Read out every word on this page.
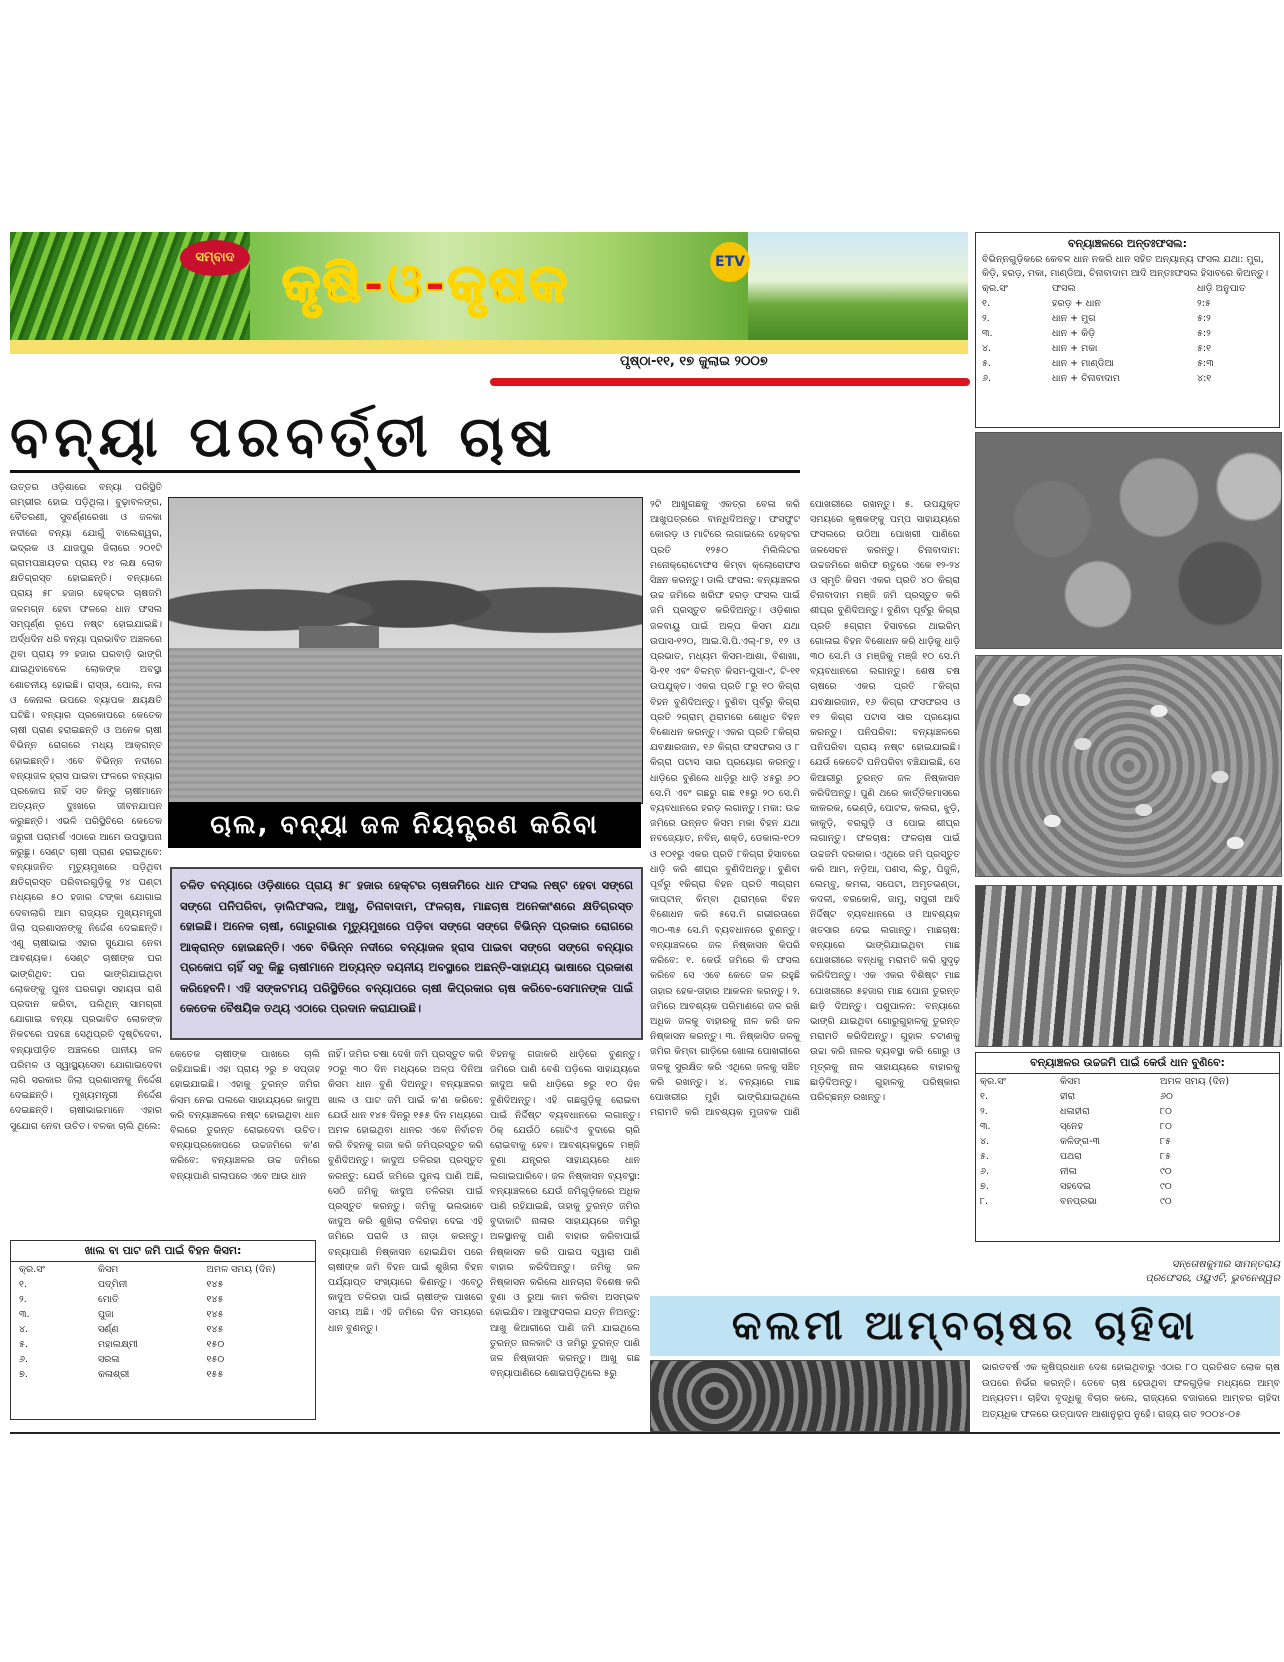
ସମ୍ବାଦ କୃଷି-ଓ-କୃଷକ	ETV
ପୃଷ୍ଠା-୧୧, ୧୭ ଜୁଲାଇ ୨୦୦୭
ବନ୍ୟା ପରବର୍ତ୍ତୀ ଚାଷ
ଉତ୍ତର ଓଡ଼ିଶାରେ ବନ୍ୟା ପରିସ୍ଥିତି ଗମ୍ଭୀର ହୋଇ ପଡ଼ିଥିଲା। ବୁଢ଼ାବଳଙ୍ଗ, ବୈତରଣୀ, ସୁବର୍ଣ୍ଣରେଖା ଓ ଜଳକା ନଦୀରେ ବନ୍ୟା ଯୋଗୁଁ ବାଲେଶ୍ୱର, ଭଦ୍ରକ ଓ ଯାଜପୁର ଜିଲାରେ ୨୦୧ଟି ଗ୍ରାମପଞ୍ଚାୟତର ପ୍ରାୟ ୧୪ ଲକ୍ଷ ଲୋକ କ୍ଷତିଗ୍ରସ୍ତ ହୋଇଛନ୍ତି। ବନ୍ୟାରେ ପ୍ରାୟ ୫୮ ହଜାର ହେକ୍ଟର ଚାଷଜମି ଜଳମଗ୍ନ ହେବା ଫଳରେ ଧାନ ଫସଲ ସମ୍ପୂର୍ଣ୍ଣ ରୂପେ ନଷ୍ଟ ହୋଇଯାଇଛି। ଅର୍ଦ୍ଧଦିନ ଧରି ବନ୍ୟା ପ୍ରଭାବିତ ଅଞ୍ଚଳରେ ଥିବା ପ୍ରାୟ ୨୨ ହଜାର ଘରବାଡ଼ି ଭାଙ୍ଗି ଯାଇଥିବାବେଳେ ଲୋକଙ୍କ ଅବସ୍ଥା ଶୋଚନୀୟ ହୋଇଛି। ରାସ୍ତା, ପୋଲ, ନଳା ଓ କେନାଲ ଉପରେ ବ୍ୟାପକ କ୍ଷୟକ୍ଷତି ଘଟିଛି। ବନ୍ୟାର ପ୍ରକୋପରେ କେତେକ ଚାଷୀ ପ୍ରାଣ ହରାଇଛନ୍ତି ଓ ଅନେକ ଚାଷୀ ବିଭିନ୍ନ ରୋଗରେ ମଧ୍ୟ ଆକ୍ରାନ୍ତ ହୋଇଛନ୍ତି। ଏବେ ବିଭିନ୍ନ ନଦୀରେ ବନ୍ୟାଜଳ ହ୍ରାସ ପାଇବା ଫଳରେ ବନ୍ୟାର ପ୍ରକୋପ ନାହିଁ ସତ କିନ୍ତୁ ଚାଷୀମାନେ ଅତ୍ୟନ୍ତ ଦୁଃଖରେ ଜୀବନଯାପନ କରୁଛନ୍ତି। ଏଭଳି ପରିସ୍ଥିତିରେ କେତେକ ଜରୁରୀ ପରାମର୍ଶ ଏଠାରେ ଆମେ ଉପସ୍ଥାପନା କରୁଛୁ। ସେଣ୍ଟ ଚାଷୀ ପ୍ରାଣ ହରାଇଥିବେ: ବନ୍ୟାଜନିତ ମୃତ୍ୟୁମୁଖରେ ପଡ଼ିଥିବା କ୍ଷତିଗ୍ରସ୍ତ ପରିବାରଗୁଡ଼ିକୁ ୨୪ ଘଣ୍ଟା ମଧ୍ୟରେ ୫୦ ହଜାର ଟଙ୍କା ଯୋଗାଇ ଦେବାଲାଗି ଆମ ରାଜ୍ୟର ମୁଖ୍ୟମନ୍ତ୍ରୀ ଜିଲା ପ୍ରଶାସନଙ୍କୁ ନିର୍ଦ୍ଦେଶ ଦେଇଛନ୍ତି। ଏଣୁ ଚାଷୀଭାଇ ଏହାର ସୁଯୋଗ ନେବା ଆବଶ୍ୟକ। ସେଣ୍ଟ ଚାଷୀଙ୍କ ଘର ଭାଙ୍ଗିଥିବ: ଘର ଭାଙ୍ଗିଯାଇଥିବା ଲୋକଙ୍କୁ ପୁନଃ ଘରଗଢ଼ା ସହାୟତା ରାଶି ପ୍ରଦାନ କରିବା, ପଲିଥିନ୍ ସାମଗ୍ରୀ ଯୋଗାଇ ବନ୍ୟା ପ୍ରଭାବିତ ଲୋକଙ୍କ ନିକଟରେ ପହଞ୍ଚେ ସେଥିପ୍ରତି ଦୃଷ୍ଟିଦେବା, ବନ୍ୟାପୀଡ଼ିତ ଅଞ୍ଚଳରେ ପାନୀୟ ଜଳ ପରିମଳ ଓ ସ୍ୱାସ୍ଥ୍ୟସେବା ଯୋଗାଇଦେବା ଲାଗି ସରକାର ଜିଲା ପ୍ରଶାସନକୁ ନିର୍ଦ୍ଦେଶ ଦେଇଛନ୍ତି। ମୁଖ୍ୟମନ୍ତ୍ରୀ ନିର୍ଦ୍ଦେଶ ଦେଇଛନ୍ତି। ଚାଷୀଭାଇମାନେ ଏହାର ସୁଯୋଗ ନେବା ଉଚିତ। ବଳକା ଚାଲି ଥିଲେ:
ଚାଲ, ବନ୍ୟା ଜଳ ନିୟନ୍ତ୍ରଣ କରିବା
ଚଳିତ ବନ୍ୟାରେ ଓଡ଼ିଶାରେ ପ୍ରାୟ ୫୮ ହଜାର ହେକ୍ଟର ଚାଷଜମିରେ ଧାନ ଫସଲ ନଷ୍ଟ ହେବା ସଙ୍ଗେ ସଙ୍ଗେ ପନିପରିବା, ଡ଼ାଲିଫସଲ, ଆଖୁ, ଚିନାବାଦାମ, ଫଳଚାଷ, ମାଛଚାଷ ଅନେକାଂଶରେ କ୍ଷତିଗ୍ରସ୍ତ ହୋଇଛି। ଅନେକ ଚାଷୀ, ଗୋରୁଗାଈ ମୃତ୍ୟୁମୁଖରେ ପଡ଼ିବା ସଙ୍ଗେ ସଙ୍ଗେ ବିଭିନ୍ନ ପ୍ରକାର ରୋଗରେ ଆକ୍ରାନ୍ତ ହୋଇଛନ୍ତି। ଏବେ ବିଭିନ୍ନ ନଦୀରେ ବନ୍ୟାଜଳ ହ୍ରାସ ପାଇବା ସଙ୍ଗେ ସଙ୍ଗେ ବନ୍ୟାର ପ୍ରକୋପ ଚାହିଁ ସବୁ କିଛୁ ଚାଷୀମାନେ ଅତ୍ୟନ୍ତ ଦୟନୀୟ ଅବସ୍ଥାରେ ଅଛନ୍ତି-ସାହାଯ୍ୟ ଭାଷାରେ ପ୍ରକାଶ କରିହେବନି। ଏହି ସଙ୍କଟମୟ ପରିସ୍ଥିତିରେ ବନ୍ୟାପରେ ଚାଷୀ କିପ୍ରକାର ଚାଷ କରିବେ-ସେମାନଙ୍କ ପାଇଁ କେତେକ ବୈଷୟିକ ତଥ୍ୟ ଏଠାରେ ପ୍ରଦାନ କରାଯାଉଛି।
କେତେକ ଚାଷୀଙ୍କ ପାଖରେ ଚାଲି ରହିଯାଇଛି। ଏହା ପ୍ରାୟ ୨ରୁ ୭ ସପ୍ତାହ ହୋଇଯାଇଛି। ଏହାକୁ ତୁରନ୍ତ ଜମିର କିସମ ନେଇ ପଲରେ ସାହାଯ୍ୟରେ କାଦୁଅ କରି ବନ୍ୟାଞ୍ଚଳରେ ନଷ୍ଟ ହୋଇଥିବା ଧାନ ବିଲରେ ତୁରନ୍ତ ରୋଇଦେବା ଉଚିତ। ବନ୍ୟାପ୍ରକୋପରେ ଉଚ୍ଚଜମିରେ କ'ଣ କରିବେ: ବନ୍ୟାଞ୍ଚଳର ଉଚ୍ଚ ଜମିରେ ବନ୍ୟାପାଣି ଗଲାପରେ ଏବେ ଆଉ ଧାନ
ନାହିଁ। ଜମିର ଚଷା ଦେଖି ଜମି ପ୍ରସ୍ତୁତ କରି ୨୦ରୁ ୩୦ ଦିନ ମଧ୍ୟରେ ଅଳ୍ପ ଦିନିଆ କିସମ ଧାନ ବୁଣି ଦିଅନ୍ତୁ। ବନ୍ୟାଞ୍ଚଳର ଖାଲ ଓ ପାଟ ଜମି ପାଇଁ କ'ଣ କରିବେ: ଯେଉଁ ଧାନ ୧୪୫ ଦିନରୁ ୧୫୫ ଦିନ ମଧ୍ୟରେ ଅମଳ ହୋଇଥିବା ଧାନର ଏବେ ନିର୍ବାଚନ କରି ବିହନକୁ ଗଜା କରି ଜମିପ୍ରସ୍ତୁତ କରି ବୁଣିଦିଅନ୍ତୁ। କାଦୁଅ ତଳିରହା ପ୍ରସ୍ତୁତ କରନ୍ତୁ: ଯେଉଁ ଜମିରେ ପୁନଶ୍ଚ ପାଣି ଅଛି, ସେଠି ଜମିକୁ କାଦୁଅ ତଳିରହା ପାଇଁ ପ୍ରସ୍ତୁତ କରନ୍ତୁ। ଜମିକୁ ଭଲଭାବେ କାଦୁଅ କରି ଶୁଖିଲା ତଳିରହା ଦେଇ ଏହି ଜମିରେ ପରାଳି ଓ ନାଡ଼ା କରନ୍ତୁ। ବନ୍ୟାପାଣି ନିଷ୍କାସନ ହୋଇଯିବା ପରେ ଚାଷୀଙ୍କ ଜମି ବିହନ ପାଇଁ ଶୁଖିଲା ବିହନ ପର୍ଯ୍ୟାପ୍ତ ସଂଖ୍ୟାରେ କିଣନ୍ତୁ। ଏବେଠୁ କାଦୁଅ ତଳିରହା ପାଇଁ ଚାଷୀଙ୍କ ପାଖରେ ସମୟ ଅଛି। ଏହି ଜମିରେ ଦିନ ସମୟରେ ଧାନ ବୁଣନ୍ତୁ।
ବିହନକୁ ଗଜାକରି ଧାଡ଼ିରେ ବୁଣନ୍ତୁ। ଜମିରେ ପାଣି ବେଶି ପଡ଼ିଲେ ସାହାଯ୍ୟରେ କାଦୁଅ କରି ଧାଡ଼ିରେ ୭ରୁ ୧୦ ଦିନ ବୁଣିଦିଅନ୍ତୁ। ଏହି ଗଛଗୁଡ଼ିକୁ ରୋଇବା ପାଇଁ ନିର୍ଦ୍ଦିଷ୍ଟ ବ୍ୟବଧାନରେ ଲଗାନ୍ତୁ। ଠିକ୍ ଯେଉଁଠି ଗୋଟିଏ ବୁଦାରେ ଚାରି ରୋଇବାକୁ ହେବ। ଆବଶ୍ୟକସ୍ଥଳେ ମଞ୍ଜି ବୁଣା ଯନ୍ତ୍ରର ସାହାଯ୍ୟରେ ଧାନ ଲଗାଇପାରିବେ। ଜଳ ନିଷ୍କାସନ ବ୍ୟବସ୍ଥା: ବନ୍ୟାଞ୍ଚଳରେ ଯେଉଁ ଜମିଗୁଡ଼ିକରେ ଅଧିକ ପାଣି ରହିଯାଇଛି, ତାହାକୁ ତୁରନ୍ତ ଜମିର ବୁଦାକାଟି ନାଳାର ସାହାଯ୍ୟରେ ଜମିରୁ ଅଳସ୍ଥାନକୁ ପାଣି ବାହାର କରିବାପାଇଁ ନିଷ୍କାସନ କରି ପାଇପ ଦ୍ୱାରା ପାଣି ବାହାର କରିଦିଅନ୍ତୁ। ଜମିକୁ ଜଳ ନିଷ୍କାସନ କରିଲେ ଧାନଚାରା ବିଶେଷ କରି ବୁଣା ଓ ରୁଆ କାମ କରିବା ଅସମ୍ଭବ ହୋଇଯିବ। ଆଖୁଫସଲର ଯତ୍ନ ନିଅନ୍ତୁ: ଆଖୁ କିଆରୀରେ ପାଣି ଜମି ଯାଇଥିଲେ ତୁରନ୍ତ ନାଳକାଟି ଓ ଜମିରୁ ତୁରନ୍ତ ପାଣି ଜଳ ନିଷ୍କାସନ କରନ୍ତୁ। ଆଖୁ ଗଛ ବନ୍ୟାପାଣିରେ ଶୋଇପଡ଼ିଥିଲେ ୫ରୁ
୨ଟି ଆଖୁଗଛକୁ ଏକତ୍ର ବେଳା କରି ଆଖୁପତ୍ରରେ ବାନ୍ଧିଦିଅନ୍ତୁ। ଫସଫୁଟ କୋରଡ଼ ଓ ମାଟିରେ ଲଗାଇଲେ ହେକ୍ଟର ପ୍ରତି ୧୨୫୦ ମିଲିଲିଟର ମନୋକ୍ରୋଟୋଫସ କିମ୍ବା କ୍ଲୋରୋଫସ ସିଞ୍ଚନ କରନ୍ତୁ। ଡାଲି ଫସଲ: ବନ୍ୟାଞ୍ଚଳର ଉଚ୍ଚ ଜମିରେ ଖରିଫ ହରଡ଼ ଫସଲ ପାଇଁ ଜମି ପ୍ରସ୍ତୁତ କରିଦିଅନ୍ତୁ। ଓଡ଼ିଶାର ଜଳବାୟୁ ପାଇଁ ଅଳ୍ପ କିସମ ଯଥା ଉପାସ-୧୨୦, ଆଇ.ସି.ପି.ଏଲ୍-୮୭, ୧୨ ଓ ପ୍ରଭାତ, ମଧ୍ୟମ କିସମ-ଆଶା, ବିଶାଖା, ସି-୧୧ ଏବଂ ବିଳମ୍ବ କିସମ-ପୁସା-୯, ଟି-୧୧ ଉପଯୁକ୍ତ। ଏକର ପ୍ରତି ୮ରୁ ୧୦ କିଗ୍ରା ବିହନ ବୁଣିଦିଅନ୍ତୁ। ବୁଣିବା ପୂର୍ବରୁ କିଗ୍ରା ପ୍ରତି ୨ଗ୍ରାମ୍ ଥିରାମରେ ଶୋଧିତ ବିହନ ବିଶୋଧନ କରନ୍ତୁ। ଏକର ପ୍ରତି ୮କିଗ୍ରା ଯବକ୍ଷାରଜାନ, ୧୬ କିଗ୍ରା ଫସଫରସ ଓ ୮ କିଗ୍ରା ପଟାସ ସାର ପ୍ରୟୋଗ କରନ୍ତୁ। ଧାଡ଼ିରେ ବୁଣିଲେ ଧାଡ଼ିରୁ ଧାଡ଼ି ୪୫ରୁ ୬୦ ସେ.ମି ଏବଂ ଗଛରୁ ଗଛ ୧୫ରୁ ୨୦ ସେ.ମି ବ୍ୟବଧାନରେ ହରଡ଼ ଲଗାନ୍ତୁ। ମକା: ଉଚ୍ଚ ଜମିରେ ଉନ୍ନତ କିସମ ମକା ବିହନ ଯଥା ନବଜ୍ୟୋତ, ନବିନ୍, ଶକ୍ତି, ଡେକାଲ-୧୦୨ ଓ ୧୦୧ରୁ ଏକର ପ୍ରତି ୮କିଗ୍ରା ହିସାବରେ ଧାଡ଼ି କରି ଶୀଘ୍ର ବୁଣିଦିଅନ୍ତୁ। ବୁଣିବା ପୂର୍ବରୁ ୧କିଗ୍ରା ବିହନ ପ୍ରତି ୩ଗ୍ରାମ କାପ୍ଟାନ୍ କିମ୍ବା ଥିରାମ୍‌ରେ ବିହନ ବିଶୋଧନ କରି ୫ସେ.ମି ଗଭୀରତାରେ ୩୦-୩୫ ସେ.ମି ବ୍ୟବଧାନରେ ବୁଣନ୍ତୁ। ବନ୍ୟାଞ୍ଚଳରେ ଜଳ ନିଷ୍କାସନ କିପରି କରିବେ: ୧. କେଉଁ ଜମିରେ କି ଫସଲ କରିବେ ସେ ଏବେ କେତେ ଜଳ ରହୁଛି ତାହାର ହେକ-ତାହାର ଆକଳନ କରନ୍ତୁ। ୨. ଜମିରେ ଆବଶ୍ୟକ ପରିମାଣରେ ଜଳ ରଖି ଅଧିକ ଜଳକୁ ବାହାରକୁ ନାଳ କରି ଜଳ ନିଷ୍କାସନ କରନ୍ତୁ। ୩. ନିଷ୍କାସିତ ଜଳକୁ ଜମିର କିମ୍ବା ଗାଡ଼ିରେ ଖୋଳା ପୋଖରୀରେ ଜଳକୁ ସୁରକ୍ଷିତ କରି ଏଥିରେ ଜଳକୁ ସଞ୍ଚିତ କରି ରଖନ୍ତୁ। ୪. ବନ୍ୟାରେ ମାଛ ପୋଖରୀର ମୁହାଁ ଭାଙ୍ଗିଯାଇଥିଲେ ମରାମତି କରି ଆବଶ୍ୟକ ମୁତାବକ ପାଣି ପୋଖରୀରେ ରଖନ୍ତୁ। ୫. ଉପଯୁକ୍ତ ସମୟରେ କୃଷକଙ୍କୁ ପମ୍ପ ସାହାଯ୍ୟରେ ଫସଲରେ ଉଠିଆ ପୋଖରୀ ପାଣିରେ ଜଳସେଚନ କରନ୍ତୁ। ଚିନାବାଦାମ: ଉଚ୍ଚଜମିରେ ଖରିଫ ଋତୁରେ ଏକେ ୧୨-୨୪ ଓ ସ୍ମୃତି କିସମ ଏକର ପ୍ରତି ୪୦ କିଗ୍ରା ଚିନାବାଦାମ ମଞ୍ଜି ଜମି ପ୍ରସ୍ତୁତ କରି ଶୀଘ୍ର ବୁଣିଦିଅନ୍ତୁ। ବୁଣିବା ପୂର୍ବରୁ କିଗ୍ରା ପ୍ରତି ୫ଗ୍ରାମ ହିସାବରେ ଥାଇରିମ୍ ଗୋଳାଇ ବିହନ ବିଶୋଧନ କରି ଧାଡ଼ିକୁ ଧାଡ଼ି ୩୦ ସେ.ମି ଓ ମଞ୍ଜିକୁ ମଞ୍ଜି ୧୦ ସେ.ମି ବ୍ୟବଧାନରେ ଲଗାନ୍ତୁ। ଶେଷ ଚଷ ଚାଷରେ ଏକର ପ୍ରତି ୮କିଗ୍ରା ଯବକ୍ଷାରଜାନ, ୧୬ କିଗ୍ରା ଫସଫରସ ଓ ୧୨ କିଗ୍ରା ପଟାସ ସାର ପ୍ରୟୋଗ କରନ୍ତୁ। ପନିପରିବା: ବନ୍ୟାଞ୍ଚଳରେ ପନିପରିବା ପ୍ରାୟ ନଷ୍ଟ ହୋଇଯାଇଛି। ଯେଉଁ କେତେଟି ପନିପରିବା ବଞ୍ଚିଯାଇଛି, ସେ କିଆରୀରୁ ତୁରନ୍ତ ଜଳ ନିଷ୍କାସନ କରିଦିଅନ୍ତୁ। ପୁଣି ଥରେ କାର୍ତ୍ତିକମାସରେ କାକରକ, ଭେଣ୍ଡି, ପୋଟଳ, କଲରା, ଝୁଡ଼ି, କାକୁଡ଼ି, ବରଗୁଡ଼ି ଓ ପୋଇ ଶୀଘ୍ର ଲଗାନ୍ତୁ। ଫଳଚାଷ: ଫଳଚାଷ ପାଇଁ ଉଚ୍ଚଜମି ଦରକାର। ଏଥିରେ ଜମି ପ୍ରସ୍ତୁତ କରି ଆମ, ନଡ଼ିଆ, ପଣସ, ଲିଚୁ, ପିଜୁଳି, ଲେମ୍ବୁ, କମଳା, ସପେଟା, ଅମୃତଭଣ୍ଡା, କଦଳୀ, ବରକୋଳି, ଜାମୁ, ସପୁରୀ ଆଦି ନିର୍ଦ୍ଦିଷ୍ଟ ବ୍ୟବଧାନରେ ଓ ଆବଶ୍ୟକ ଖତସାର ଦେଇ ଲଗାନ୍ତୁ। ମାଛଚାଷ: ବନ୍ୟାରେ ଭାଙ୍ଗିଯାଇଥିବା ମାଛ ପୋଖରୀରେ ବନ୍ଧକୁ ମରାମତି କରି ସୁଦୃଢ଼ କରିଦିଅନ୍ତୁ। ଏକ ଏକର ବିଶିଷ୍ଟ ମାଛ ପୋଖରୀରେ ୫ହଜାର ମାଛ ପୋନା ତୁରନ୍ତ ଛାଡ଼ି ଦିଅନ୍ତୁ। ପଶୁପାଳନ: ବନ୍ୟାରେ ଭାଙ୍ଗି ଯାଇଥିବା ଗୋରୁଗୁହାଳକୁ ତୁରନ୍ତ ମରାମତି କରିଦିଅନ୍ତୁ। ଗୁହାଳ ଚଟାଣକୁ ଉଚ୍ଚା କରି ନାଳର ବ୍ୟବସ୍ଥା କରି ଗୋରୁ ଓ ମୂତ୍ରକୁ ନାଳ ସାହାଯ୍ୟରେ ବାହାରକୁ ଛାଡ଼ିଦିଅନ୍ତୁ। ଗୁହାଳକୁ ପରିଷ୍କାର ପରିଚ୍ଛନ୍ନ ରଖନ୍ତୁ।
ଖାଲ ବା ପାଟ ଜମି ପାଇଁ ବିହନ କିସମ:
କ୍ର.ସଂ	କିସମ	ଅମଳ ସମୟ (ଦିନ)
୧.	ପଦ୍ମିନୀ	୧୪୫
୨.	ମୋତି	୧୪୫
୩.	ପୁଜା	୧୪୫
୪.	ସର୍ଣ୍ଣ	୧୪୫
୫.	ମହାଲକ୍ଷ୍ମୀ	୧୫୦
୬.	ସରଳା	୧୫୦
୭.	କଳାଶ୍ରୀ	୧୫୫
ବନ୍ୟାଞ୍ଚଳରେ ଅନ୍ତଃଫସଲ:
ବିଭିନ୍ନଗୁଡ଼ିକରେ କେବଳ ଧାନ ନକରି ଧାନ ସହିତ ଅନ୍ୟାନ୍ୟ ଫସଲ ଯଥା: ମୁଗ, କିଡ଼ି, ହରଡ଼, ମକା, ମାଣ୍ଡିଆ, ଚିନାବାଦାମ ଆଦି ଅନ୍ତଃଫସଲ ହିସାବରେ କିଅନ୍ତୁ।
କ୍ର.ସଂ	ଫସଲ	ଧାଡ଼ି ଅନୁପାତ
୧.	ହରଡ଼ + ଧାନ	୨:୫
୨.	ଧାନ + ମୁଗ	୫:୨
୩.	ଧାନ + କିଡ଼ି	୫:୨
୪.	ଧାନ + ମକା	୫:୧
୫.	ଧାନ + ମାଣ୍ଡିଆ	୫:୩
୬.	ଧାନ + ଚିନାବାଦାମ	୪:୧
ବନ୍ୟାଞ୍ଚଳର ଉଚ୍ଚଜମି ପାଇଁ କେଉଁ ଧାନ ବୁଣିବେ:
କ୍ର.ସଂ	କିସମ	ଅମଳ ସମୟ (ଦିନ)
୧.	ହୀରା	୬୦
୨.	ଧଳାହୀରା	୮୦
୩.	ସ୍ନେହ	୮୦
୪.	କଳିଙ୍ଗ-୩	୮୫
୫.	ପଥରା	୮୫
୬.	ନୀଳା	୯୦
୭.	ସହଦେଇ	୯୦
୮.	ବନପ୍ରଭା	୯୦
ସନ୍ତୋଷକୁମାର ସାମନ୍ତରାୟ
ପ୍ରଫେସର, ଓୟୁଏଟି, ଭୁବନେଶ୍ୱର
କଲମୀ ଆମ୍ବଚାଷର ଚାହିଦା
ଭାରତବର୍ଷ ଏକ କୃଷିପ୍ରଧାନ ଦେଶ ହୋଇଥିବାରୁ ଏଠାର ୮୦ ପ୍ରତିଶତ ଲୋକ ଚାଷ ଉପରେ ନିର୍ଭର କରନ୍ତି। ତେବେ ଚାଷ ହେଉଥିବା ଫଳଗୁଡ଼ିକ ମଧ୍ୟରେ ଆମ୍ବ ଅନ୍ୟତମ। ଚାହିଦା ବୃଦ୍ଧିକୁ ବିଚାର କଲେ, ରାଜ୍ୟରେ ବଜାରରେ ଆମ୍ବର ଚାହିଦା ଅତ୍ୟଧିକ ଫଳରେ ଉତ୍ପାଦନ ଆଶାନୁରୂପ ନୁହେଁ। ରାଜ୍ୟ ଗତ ୨୦୦୪-୦୫
